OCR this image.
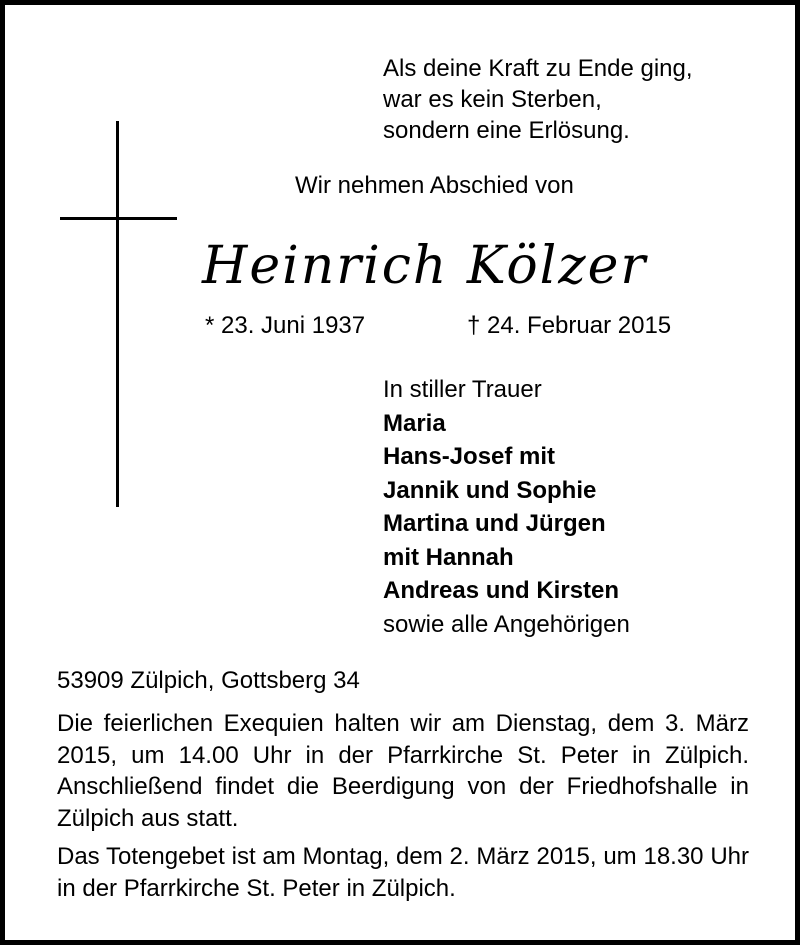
Als deine Kraft zu Ende ging,
war es kein Sterben,
sondern eine Erlösung.
Wir nehmen Abschied von
Heinrich Kölzer
* 23. Juni 1937	† 24. Februar 2015
In stiller Trauer
Maria
Hans-Josef mit
Jannik und Sophie
Martina und Jürgen
mit Hannah
Andreas und Kirsten
sowie alle Angehörigen
53909 Zülpich, Gottsberg 34
Die feierlichen Exequien halten wir am Dienstag, dem 3. März 2015, um 14.00 Uhr in der Pfarrkirche St. Peter in Zülpich. Anschließend findet die Beerdigung von der Friedhofshalle in Zülpich aus statt.
Das Totengebet ist am Montag, dem 2. März 2015, um 18.30 Uhr in der Pfarrkirche St. Peter in Zülpich.
